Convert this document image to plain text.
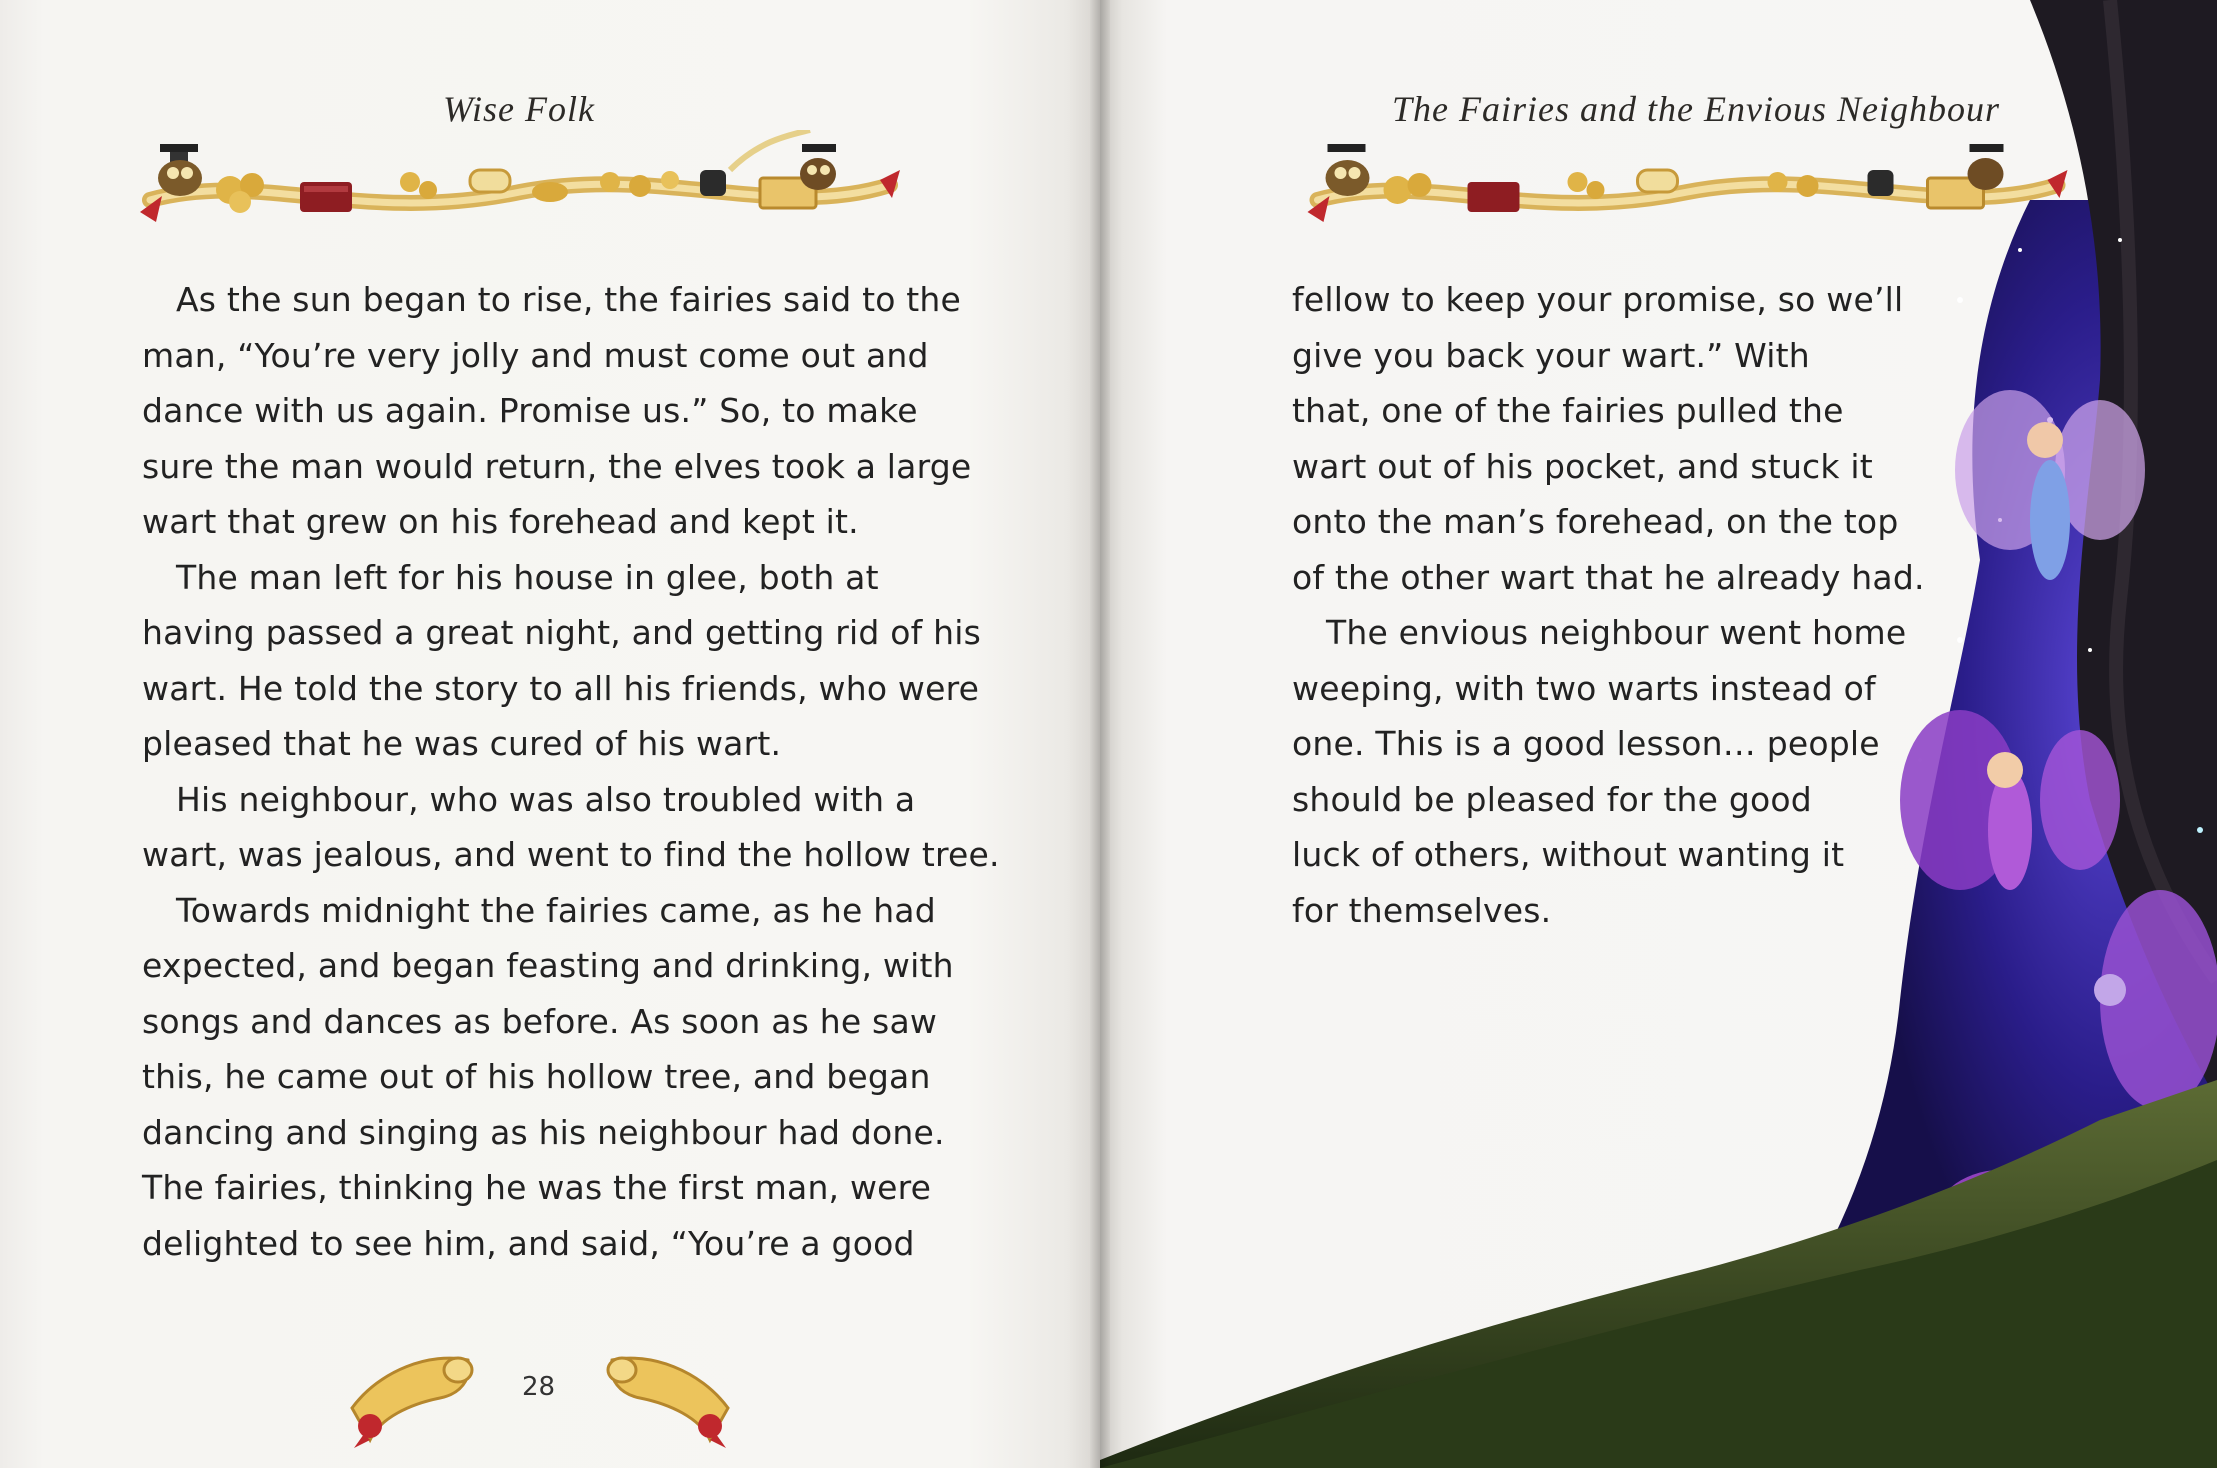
Wise Folk
As the sun began to rise, the fairies said to the
man, “You’re very jolly and must come out and
dance with us again. Promise us.” So, to make
sure the man would return, the elves took a large
wart that grew on his forehead and kept it.
The man left for his house in glee, both at
having passed a great night, and getting rid of his
wart. He told the story to all his friends, who were
pleased that he was cured of his wart.
His neighbour, who was also troubled with a
wart, was jealous, and went to find the hollow tree.
Towards midnight the fairies came, as he had
expected, and began feasting and drinking, with
songs and dances as before. As soon as he saw
this, he came out of his hollow tree, and began
dancing and singing as his neighbour had done.
The fairies, thinking he was the first man, were
delighted to see him, and said, “You’re a good
28
The Fairies and the Envious Neighbour
fellow to keep your promise, so we’ll
give you back your wart.” With
that, one of the fairies pulled the
wart out of his pocket, and stuck it
onto the man’s forehead, on the top
of the other wart that he already had.
The envious neighbour went home
weeping, with two warts instead of
one. This is a good lesson… people
should be pleased for the good
luck of others, without wanting it
for themselves.
